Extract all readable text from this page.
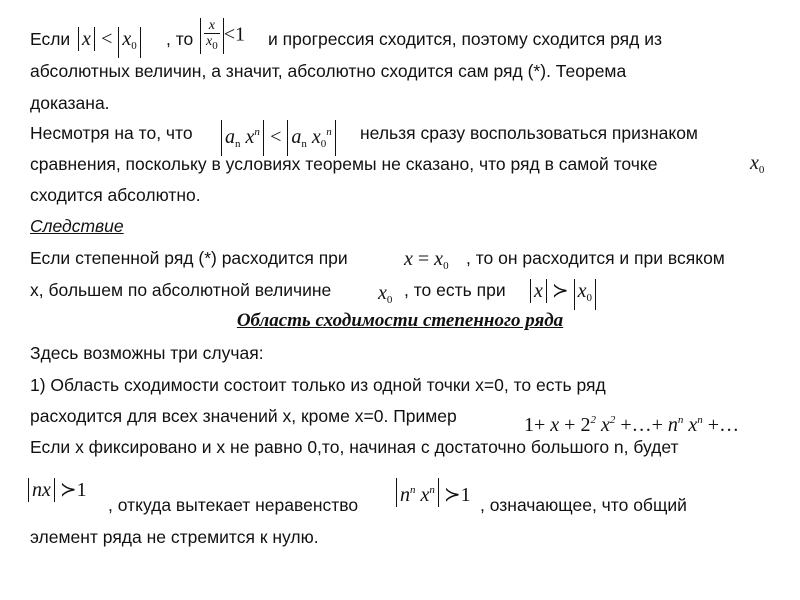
Если $x < x_0$ , то $\frac{x}{x_0} <1$ и прогрессия сходится, поэтому сходится ряд из
абсолютных величин, а значит, абсолютно сходится сам ряд (*). Теорема
доказана.
Несмотря на то, что $a_n$ $x^n < a_n$ $x_0^n$ нельзя сразу воспользоваться признаком
сравнения, поскольку в условиях теоремы не сказано, что ряд в самой точке	$x_0$
сходится абсолютно.
Следствие
Если степенной ряд (*) расходится при	$x = x_0$ , то он расходится и при всяком
x, большем по абсолютной величине $x_0$ , то есть при x ≻ $x_0$
Область сходимости степенного ряда
Здесь возможны три случая:
1) Область сходимости состоит только из одной точки x=0, то есть ряд
расходится для всех значений x, кроме x=0. Пример	$1+ x + 2^2$ $x^2$ +…+ $n^n$ $x^n$ +…
Если x фиксировано и x не равно 0,то, начиная с достаточно большого n, будет
nx ≻1
, откуда вытекает неравенство $n^n$ $x^n$ ≻1 , означающее, что общий
элемент ряда не стремится к нулю.
